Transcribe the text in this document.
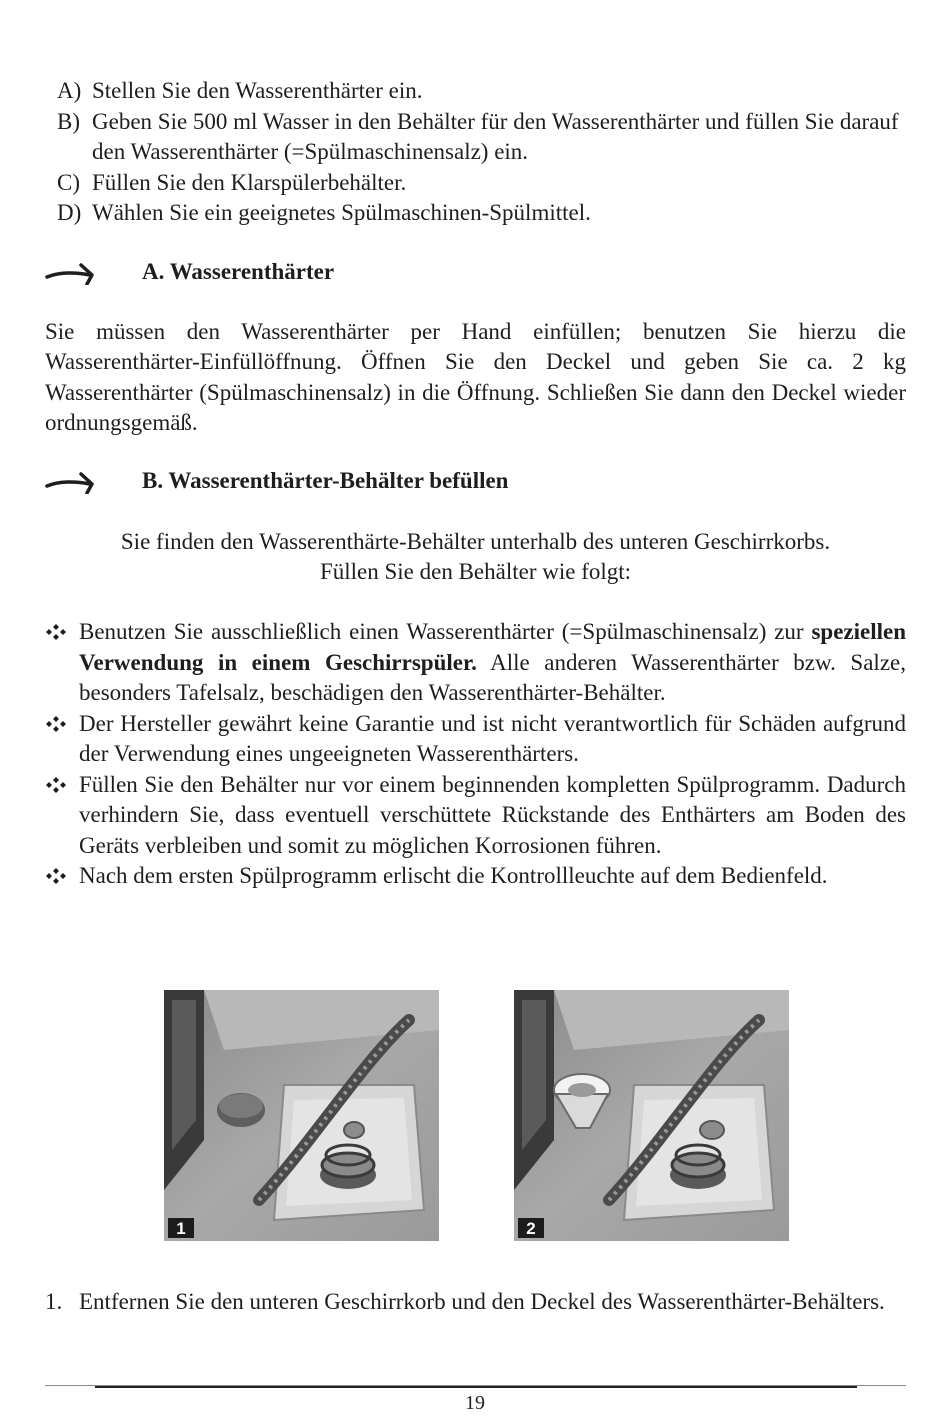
A) Stellen Sie den Wasserenthärter ein.
B) Geben Sie 500 ml Wasser in den Behälter für den Wasserenthärter und füllen Sie darauf den Wasserenthärter (=Spülmaschinensalz) ein.
C) Füllen Sie den Klarspülerbehälter.
D) Wählen Sie ein geeignetes Spülmaschinen-Spülmittel.
A. Wasserenthärter
Sie müssen den Wasserenthärter per Hand einfüllen; benutzen Sie hierzu die Wasserenthärter-Einfüllöffnung. Öffnen Sie den Deckel und geben Sie ca. 2 kg Wasserenthärter (Spülmaschinensalz) in die Öffnung. Schließen Sie dann den Deckel wieder ordnungsgemäß.
B. Wasserenthärter-Behälter befüllen
Sie finden den Wasserenthärte-Behälter unterhalb des unteren Geschirrkorbs.
Füllen Sie den Behälter wie folgt:
Benutzen Sie ausschließlich einen Wasserenthärter (=Spülmaschinensalz) zur speziellen Verwendung in einem Geschirrspüler. Alle anderen Wasserenthärter bzw. Salze, besonders Tafelsalz, beschädigen den Wasserenthärter-Behälter.
Der Hersteller gewährt keine Garantie und ist nicht verantwortlich für Schäden aufgrund der Verwendung eines ungeeigneten Wasserenthärters.
Füllen Sie den Behälter nur vor einem beginnenden kompletten Spülprogramm. Dadurch verhindern Sie, dass eventuell verschüttete Rückstande des Enthärters am Boden des Geräts verbleiben und somit zu möglichen Korrosionen führen.
Nach dem ersten Spülprogramm erlischt die Kontrollleuchte auf dem Bedienfeld.
1	2
1. Entfernen Sie den unteren Geschirrkorb und den Deckel des Wasserenthärter-Behälters.
19
